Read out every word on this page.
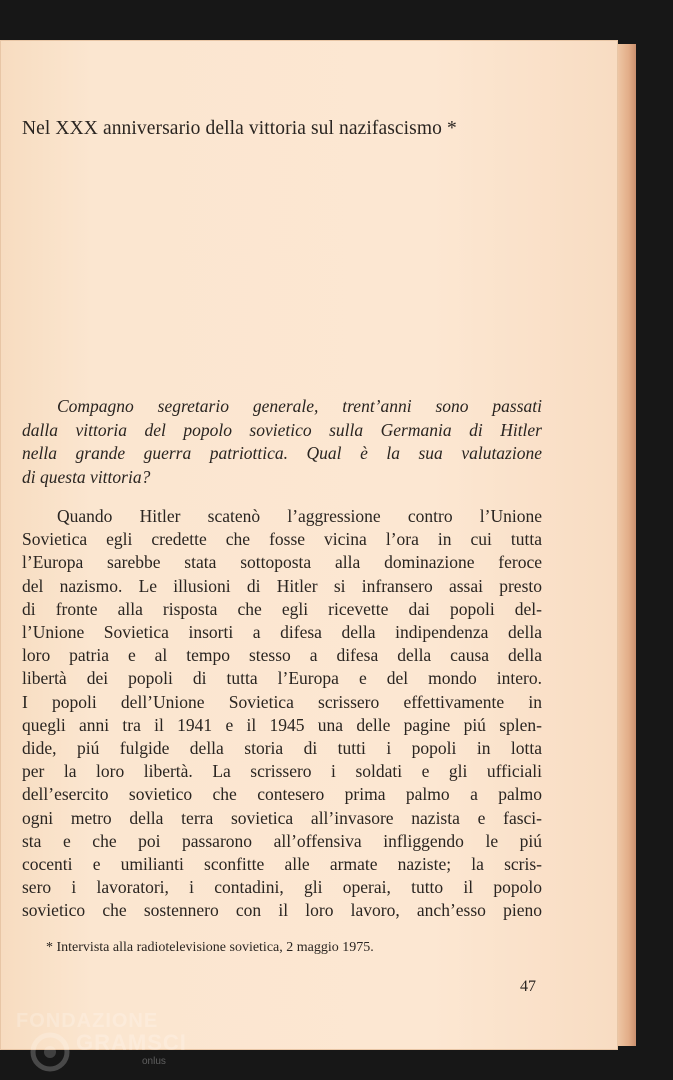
Nel XXX anniversario della vittoria sul nazifascismo *
Compagno segretario generale, trent’anni sono passati
dalla vittoria del popolo sovietico sulla Germania di Hitler
nella grande guerra patriottica. Qual è la sua valutazione
di questa vittoria?
Quando Hitler scatenò l’aggressione contro l’Unione
Sovietica egli credette che fosse vicina l’ora in cui tutta
l’Europa sarebbe stata sottoposta alla dominazione feroce
del nazismo. Le illusioni di Hitler si infransero assai presto
di fronte alla risposta che egli ricevette dai popoli del-
l’Unione Sovietica insorti a difesa della indipendenza della
loro patria e al tempo stesso a difesa della causa della
libertà dei popoli di tutta l’Europa e del mondo intero.
I popoli dell’Unione Sovietica scrissero effettivamente in
quegli anni tra il 1941 e il 1945 una delle pagine piú splen-
dide, piú fulgide della storia di tutti i popoli in lotta
per la loro libertà. La scrissero i soldati e gli ufficiali
dell’esercito sovietico che contesero prima palmo a palmo
ogni metro della terra sovietica all’invasore nazista e fasci-
sta e che poi passarono all’offensiva infliggendo le piú
cocenti e umilianti sconfitte alle armate naziste; la scris-
sero i lavoratori, i contadini, gli operai, tutto il popolo
sovietico che sostennero con il loro lavoro, anch’esso pieno
* Intervista alla radiotelevisione sovietica, 2 maggio 1975.
47
FONDAZIONE
GRAMSCI
onlus
